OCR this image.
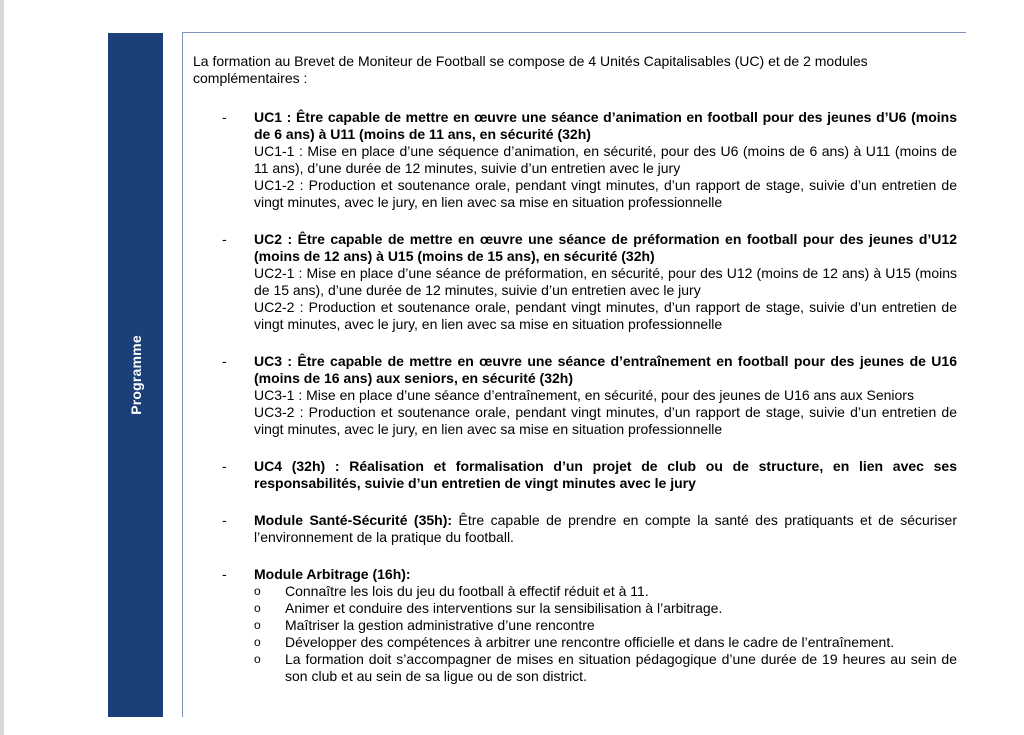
Programme

La formation au Brevet de Moniteur de Football se compose de 4 Unités Capitalisables (UC) et de 2 modules complémentaires :

- UC1 : Être capable de mettre en œuvre une séance d’animation en football pour des jeunes d’U6 (moins de 6 ans) à U11 (moins de 11 ans, en sécurité (32h)

UC1-1 : Mise en place d’une séquence d’animation, en sécurité, pour des U6 (moins de 6 ans) à U11 (moins de 11 ans), d’une durée de 12 minutes, suivie d’un entretien avec le jury

UC1-2 : Production et soutenance orale, pendant vingt minutes, d’un rapport de stage, suivie d’un entretien de vingt minutes, avec le jury, en lien avec sa mise en situation professionnelle

- UC2 : Être capable de mettre en œuvre une séance de préformation en football pour des jeunes d’U12 (moins de 12 ans) à U15 (moins de 15 ans), en sécurité (32h)

UC2-1 : Mise en place d’une séance de préformation, en sécurité, pour des U12 (moins de 12 ans) à U15 (moins de 15 ans), d’une durée de 12 minutes, suivie d’un entretien avec le jury

UC2-2 : Production et soutenance orale, pendant vingt minutes, d’un rapport de stage, suivie d’un entretien de vingt minutes, avec le jury, en lien avec sa mise en situation professionnelle

- UC3 : Être capable de mettre en œuvre une séance d’entraînement en football pour des jeunes de U16 (moins de 16 ans) aux seniors, en sécurité (32h)

UC3-1 : Mise en place d’une séance d’entraînement, en sécurité, pour des jeunes de U16 ans aux Seniors

UC3-2 : Production et soutenance orale, pendant vingt minutes, d’un rapport de stage, suivie d’un entretien de vingt minutes, avec le jury, en lien avec sa mise en situation professionnelle

- UC4 (32h) : Réalisation et formalisation d’un projet de club ou de structure, en lien avec ses responsabilités, suivie d’un entretien de vingt minutes avec le jury
- Module Santé-Sécurité (35h): Être capable de prendre en compte la santé des pratiquants et de sécuriser l’environnement de la pratique du football.
- Module Arbitrage (16h):
o Connaître les lois du jeu du football à effectif réduit et à 11.
o Animer et conduire des interventions sur la sensibilisation à l’arbitrage.
o Maîtriser la gestion administrative d’une rencontre
o Développer des compétences à arbitrer une rencontre officielle et dans le cadre de l’entraînement.
o La formation doit s’accompagner de mises en situation pédagogique d’une durée de 19 heures au sein de son club et au sein de sa ligue ou de son district.
